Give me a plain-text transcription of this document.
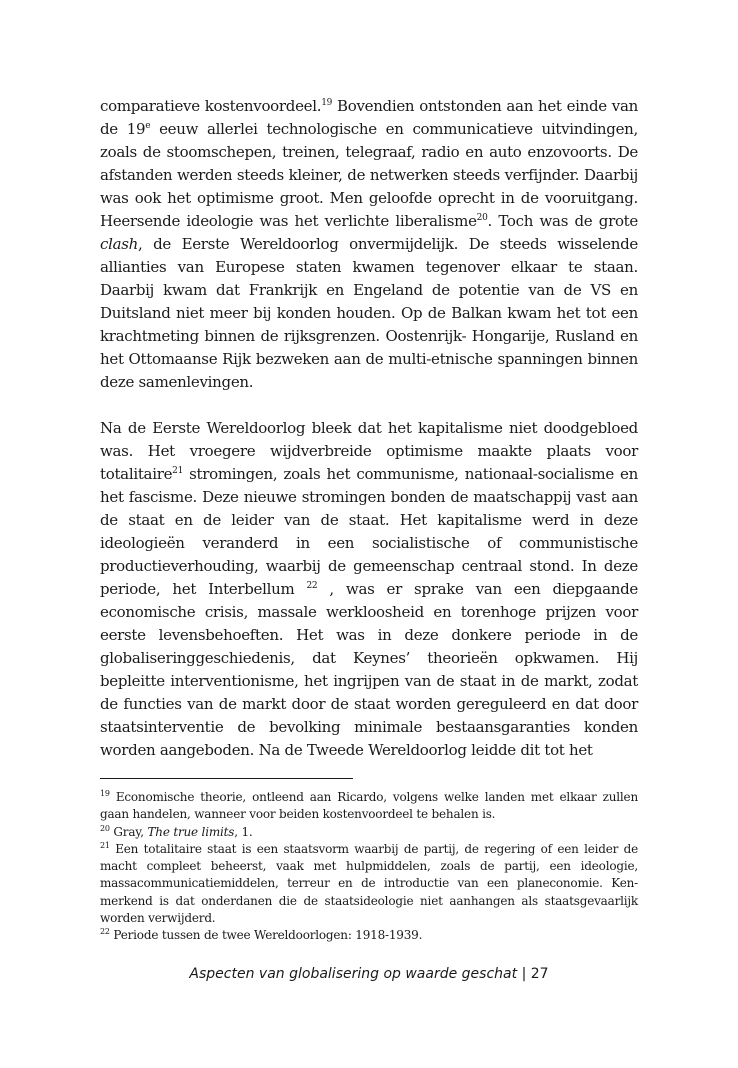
comparatieve kostenvoordeel.$^{19}$ Bovendien ontstonden aan het einde van de 19e eeuw allerlei technologische en communicatieve uitvindingen, zoals de stoomschepen, treinen, telegraaf, radio en auto enzovoorts. De afstanden werden steeds kleiner, de netwerken steeds verfijnder. Daarbij was ook het optimisme groot. Men geloofde oprecht in de vooruitgang. Heersende ideologie was het verlichte liberalisme$^{20}$. Toch was de grote clash, de Eerste Wereldoorlog onvermijdelijk. De steeds wisselende allianties van Europese staten kwamen tegenover elkaar te staan. Daarbij kwam dat Frankrijk en Engeland de potentie van de VS en Duitsland niet meer bij konden houden. Op de Balkan kwam het tot een krachtmeting binnen de rijksgrenzen. Oostenrijk- Hongarije, Rusland en het Ottomaanse Rijk bezweken aan de multi-etnische spanningen binnen deze samenlevingen.

Na de Eerste Wereldoorlog bleek dat het kapitalisme niet doodgebloed was. Het vroegere wijdverbreide optimisme maakte plaats voor totalitaire$^{21}$ stromingen, zoals het communisme, nationaal-socialisme en het fascisme. Deze nieuwe stromingen bonden de maatschappij vast aan de staat en de leider van de staat. Het kapitalisme werd in deze ideologieën veranderd in een socialistische of communistische productieverhouding, waarbij de gemeenschap centraal stond. In deze periode, het Interbellum $^{22}$ , was er sprake van een diepgaande economische crisis, massale werkloosheid en torenhoge prijzen voor eerste levensbehoeften. Het was in deze donkere periode in de globaliseringgeschiedenis, dat Keynes’ theorieën opkwamen. Hij bepleitte interventionisme, het ingrijpen van de staat in de markt, zodat de functies van de markt door de staat worden gereguleerd en dat door staatsinterventie de bevolking minimale bestaansgaranties konden worden aangeboden. Na de Tweede Wereldoorlog leidde dit tot het

$^{19}$ Economische theorie, ontleend aan Ricardo, volgens welke landen met elkaar zullen gaan handelen, wanneer voor beiden kostenvoordeel te behalen is.
$^{20}$ Gray, The true limits, 1.
$^{21}$ Een totalitaire staat is een staatsvorm waarbij de partij, de regering of een leider de macht compleet beheerst, vaak met hulpmiddelen, zoals de partij, een ideologie, massacommunicatiemiddelen, terreur en de introductie van een planeconomie. Ken-merkend is dat onderdanen die de staatsideologie niet aanhangen als staatsgevaarlijk worden verwijderd.
$^{22}$ Periode tussen de twee Wereldoorlogen: 1918-1939.
Aspecten van globalisering op waarde geschat | 27
